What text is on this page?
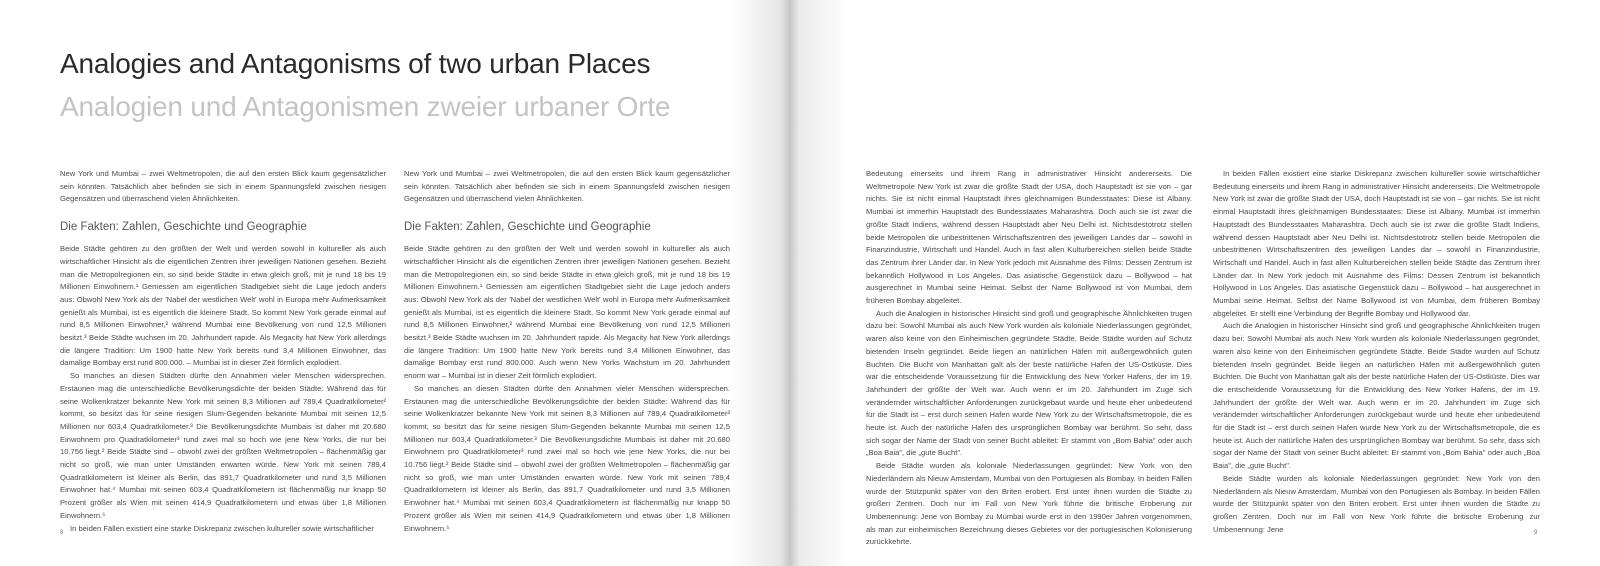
Analogies and Antagonisms of two urban Places
Analogien und Antagonismen zweier urbaner Orte

New York und Mumbai – zwei Weltmetropolen, die auf den ersten Blick kaum gegensätzlicher sein könnten. Tatsächlich aber befinden sie sich in einem Spannungsfeld zwischen riesigen Gegensätzen und überraschend vielen Ähnlichkeiten.

Die Fakten: Zahlen, Geschichte und Geographie

Beide Städte gehören zu den größten der Welt und werden sowohl in kultureller als auch wirtschaftlicher Hinsicht als die eigentlichen Zentren ihrer jeweiligen Nationen gesehen. Bezieht man die Metropolregionen ein, so sind beide Städte in etwa gleich groß, mit je rund 18 bis 19 Millionen Einwohnern.¹ Gemessen am eigentlichen Stadtgebiet sieht die Lage jedoch anders aus: Obwohl New York als der 'Nabel der westlichen Welt' wohl in Europa mehr Aufmerksamkeit genießt als Mumbai, ist es eigentlich die kleinere Stadt. So kommt New York gerade einmal auf rund 8,5 Millionen Einwohner,² während Mumbai eine Bevölkerung von rund 12,5 Millionen besitzt.³ Beide Städte wuchsen im 20. Jahrhundert rapide. Als Megacity hat New York allerdings die längere Tradition: Um 1900 hatte New York bereits rund 3,4 Millionen Einwohner, das damalige Bombay erst rund 800.000. – Mumbai ist in dieser Zeit förmlich explodiert.

So manches an diesen Städten dürfte den Annahmen vieler Menschen widersprechen. Erstaunen mag die unterschiedliche Bevölkerungsdichte der beiden Städte: Während das für seine Wolkenkratzer bekannte New York mit seinen 8,3 Millionen auf 789,4 Quadratkilometer² kommt, so besitzt das für seine riesigen Slum-Gegenden bekannte Mumbai mit seinen 12,5 Millionen nur 603,4 Quadratkilometer.³ Die Bevölkerungsdichte Mumbais ist daher mit 20.680 Einwohnern pro Quadratkilometer³ rund zwei mal so hoch wie jene New Yorks, die nur bei 10.756 liegt.² Beide Städte sind – obwohl zwei der größten Weltmetropolen – flächenmäßig gar nicht so groß, wie man unter Umständen erwarten würde. New York mit seinen 789,4 Quadratkilometern ist kleiner als Berlin, das 891,7 Quadratkilometer und rund 3,5 Millionen Einwohner hat.⁴ Mumbai mit seinen 603,4 Quadratkilometern ist flächenmäßig nur knapp 50 Prozent größer als Wien mit seinen 414,9 Quadratkilometern und etwas über 1,8 Millionen Einwohnern.⁵

In beiden Fällen existiert eine starke Diskrepanz zwischen kultureller sowie wirtschaftlicher

New York und Mumbai – zwei Weltmetropolen, die auf den ersten Blick kaum gegensätzlicher sein könnten. Tatsächlich aber befinden sie sich in einem Spannungsfeld zwischen riesigen Gegensätzen und überraschend vielen Ähnlichkeiten.

Die Fakten: Zahlen, Geschichte und Geographie

Beide Städte gehören zu den größten der Welt und werden sowohl in kultureller als auch wirtschaftlicher Hinsicht als die eigentlichen Zentren ihrer jeweiligen Nationen gesehen. Bezieht man die Metropolregionen ein, so sind beide Städte in etwa gleich groß, mit je rund 18 bis 19 Millionen Einwohnern.¹ Gemessen am eigentlichen Stadtgebiet sieht die Lage jedoch anders aus: Obwohl New York als der 'Nabel der westlichen Welt' wohl in Europa mehr Aufmerksamkeit genießt als Mumbai, ist es eigentlich die kleinere Stadt. So kommt New York gerade einmal auf rund 8,5 Millionen Einwohner,² während Mumbai eine Bevölkerung von rund 12,5 Millionen besitzt.³ Beide Städte wuchsen im 20. Jahrhundert rapide. Als Megacity hat New York allerdings die längere Tradition: Um 1900 hatte New York bereits rund 3,4 Millionen Einwohner, das damalige Bombay erst rund 800.000. Auch wenn New Yorks Wachstum im 20. Jahrhundert enorm war – Mumbai ist in dieser Zeit förmlich explodiert.

So manches an diesen Städten dürfte den Annahmen vieler Menschen widersprechen. Erstaunen mag die unterschiedliche Bevölkerungsdichte der beiden Städte: Während das für seine Wolkenkratzer bekannte New York mit seinen 8,3 Millionen auf 789,4 Quadratkilometer² kommt, so besitzt das für seine riesigen Slum-Gegenden bekannte Mumbai mit seinen 12,5 Millionen nur 603,4 Quadratkilometer.³ Die Bevölkerungsdichte Mumbais ist daher mit 20.680 Einwohnern pro Quadratkilometer³ rund zwei mal so hoch wie jene New Yorks, die nur bei 10.756 liegt.² Beide Städte sind – obwohl zwei der größten Weltmetropolen – flächenmäßig gar nicht so groß, wie man unter Umständen erwarten würde. New York mit seinen 789,4 Quadratkilometern ist kleiner als Berlin, das 891,7 Quadratkilometer und rund 3,5 Millionen Einwohner hat.⁴ Mumbai mit seinen 603,4 Quadratkilometern ist flächenmäßig nur knapp 50 Prozent größer als Wien mit seinen 414,9 Quadratkilometern und etwas über 1,8 Millionen Einwohnern.⁵

Bedeutung einerseits und ihrem Rang in administrativer Hinsicht andererseits. Die Weltmetropole New York ist zwar die größte Stadt der USA, doch Hauptstadt ist sie von – gar nichts. Sie ist nicht einmal Hauptstadt ihres gleichnamigen Bundesstaates: Diese ist Albany. Mumbai ist immerhin Hauptstadt des Bundesstaates Maharashtra. Doch auch sie ist zwar die größte Stadt Indiens, während dessen Hauptstadt aber Neu Delhi ist. Nichtsdestotrotz stellen beide Metropolen die unbestrittenen Wirtschaftszentren des jeweiligen Landes dar – sowohl in Finanzindustrie, Wirtschaft und Handel. Auch in fast allen Kulturbereichen stellen beide Städte das Zentrum ihrer Länder dar. In New York jedoch mit Ausnahme des Films: Dessen Zentrum ist bekanntlich Hollywood in Los Angeles. Das asiatische Gegenstück dazu – Bollywood – hat ausgerechnet in Mumbai seine Heimat. Selbst der Name Bollywood ist von Mumbai, dem früheren Bombay abgeleitet.

Auch die Analogien in historischer Hinsicht sind groß und geographische Ähnlichkeiten trugen dazu bei: Sowohl Mumbai als auch New York wurden als koloniale Niederlassungen gegründet, waren also keine von den Einheimischen gegründete Städte. Beide Städte wurden auf Schutz bietenden Inseln gegründet. Beide liegen an natürlichen Häfen mit außergewöhnlich guten Buchten. Die Bucht von Manhattan galt als der beste natürliche Hafen der US-Ostküste. Dies war die entscheidende Voraussetzung für die Entwicklung des New Yorker Hafens, der im 19. Jahrhundert der größte der Welt war. Auch wenn er im 20. Jahrhundert im Zuge sich verändernder wirtschaftlicher Anforderungen zurückgebaut wurde und heute eher unbedeutend für die Stadt ist – erst durch seinen Hafen wurde New York zu der Wirtschaftsmetropole, die es heute ist. Auch der natürliche Hafen des ursprünglichen Bombay war berühmt. So sehr, dass sich sogar der Name der Stadt von seiner Bucht ableitet: Er stammt von „Bom Bahia" oder auch „Boa Baia", die „gute Bucht".

Beide Städte wurden als koloniale Niederlassungen gegründet: New York von den Niederländern als Nieuw Amsterdam, Mumbai von den Portugiesen als Bombay. In beiden Fällen wurde der Stützpunkt später von den Briten erobert. Erst unter ihnen wurden die Städte zu großen Zentren. Doch nur im Fall von New York führte die britische Eroberung zur Umbenennung: Jene von Bombay zu Mumbai wurde erst in den 1990er Jahren vorgenommen, als man zur einheimischen Bezeichnung dieses Gebietes vor der portugiesischen Kolonisierung zurückkehrte.

In beiden Fällen existiert eine starke Diskrepanz zwischen kultureller sowie wirtschaftlicher Bedeutung einerseits und ihrem Rang in administrativer Hinsicht andererseits. Die Weltmetropole New York ist zwar die größte Stadt der USA, doch Hauptstadt ist sie von – gar nichts. Sie ist nicht einmal Hauptstadt ihres gleichnamigen Bundesstaates: Diese ist Albany. Mumbai ist immerhin Hauptstadt des Bundesstaates Maharashtra. Doch auch sie ist zwar die größte Stadt Indiens, während dessen Hauptstadt aber Neu Delhi ist. Nichtsdestotrotz stellen beide Metropolen die unbestrittenen Wirtschaftszentren des jeweiligen Landes dar – sowohl in Finanzindustrie, Wirtschaft und Handel. Auch in fast allen Kulturbereichen stellen beide Städte das Zentrum ihrer Länder dar. In New York jedoch mit Ausnahme des Films: Dessen Zentrum ist bekanntlich Hollywood in Los Angeles. Das asiatische Gegenstück dazu – Bollywood – hat ausgerechnet in Mumbai seine Heimat. Selbst der Name Bollywood ist von Mumbai, dem früheren Bombay abgeleitet. Er stellt eine Verbindung der Begriffe Bombay und Hollywood dar.

Auch die Analogien in historischer Hinsicht sind groß und geographische Ähnlichkeiten trugen dazu bei: Sowohl Mumbai als auch New York wurden als koloniale Niederlassungen gegründet, waren also keine von den Einheimischen gegründete Städte. Beide Städte wurden auf Schutz bietenden Inseln gegründet. Beide liegen an natürlichen Häfen mit außergewöhnlich guten Buchten. Die Bucht von Manhattan galt als der beste natürliche Hafen der US-Ostküste. Dies war die entscheidende Voraussetzung für die Entwicklung des New Yorker Hafens, der im 19. Jahrhundert der größte der Welt war. Auch wenn er im 20. Jahrhundert im Zuge sich verändernder wirtschaftlicher Anforderungen zurückgebaut wurde und heute eher unbedeutend für die Stadt ist – erst durch seinen Hafen wurde New York zu der Wirtschaftsmetropole, die es heute ist. Auch der natürliche Hafen des ursprünglichen Bombay war berühmt. So sehr, dass sich sogar der Name der Stadt von seiner Bucht ableitet: Er stammt von „Bom Bahia" oder auch „Boa Baia", die „gute Bucht".

Beide Städte wurden als koloniale Niederlassungen gegründet: New York von den Niederländern als Nieuw Amsterdam, Mumbai von den Portugiesen als Bombay. In beiden Fällen wurde der Stützpunkt später von den Briten erobert. Erst unter ihnen wurden die Städte zu großen Zentren. Doch nur im Fall von New York führte die britische Eroberung zur Umbenennung: Jene

8	9
